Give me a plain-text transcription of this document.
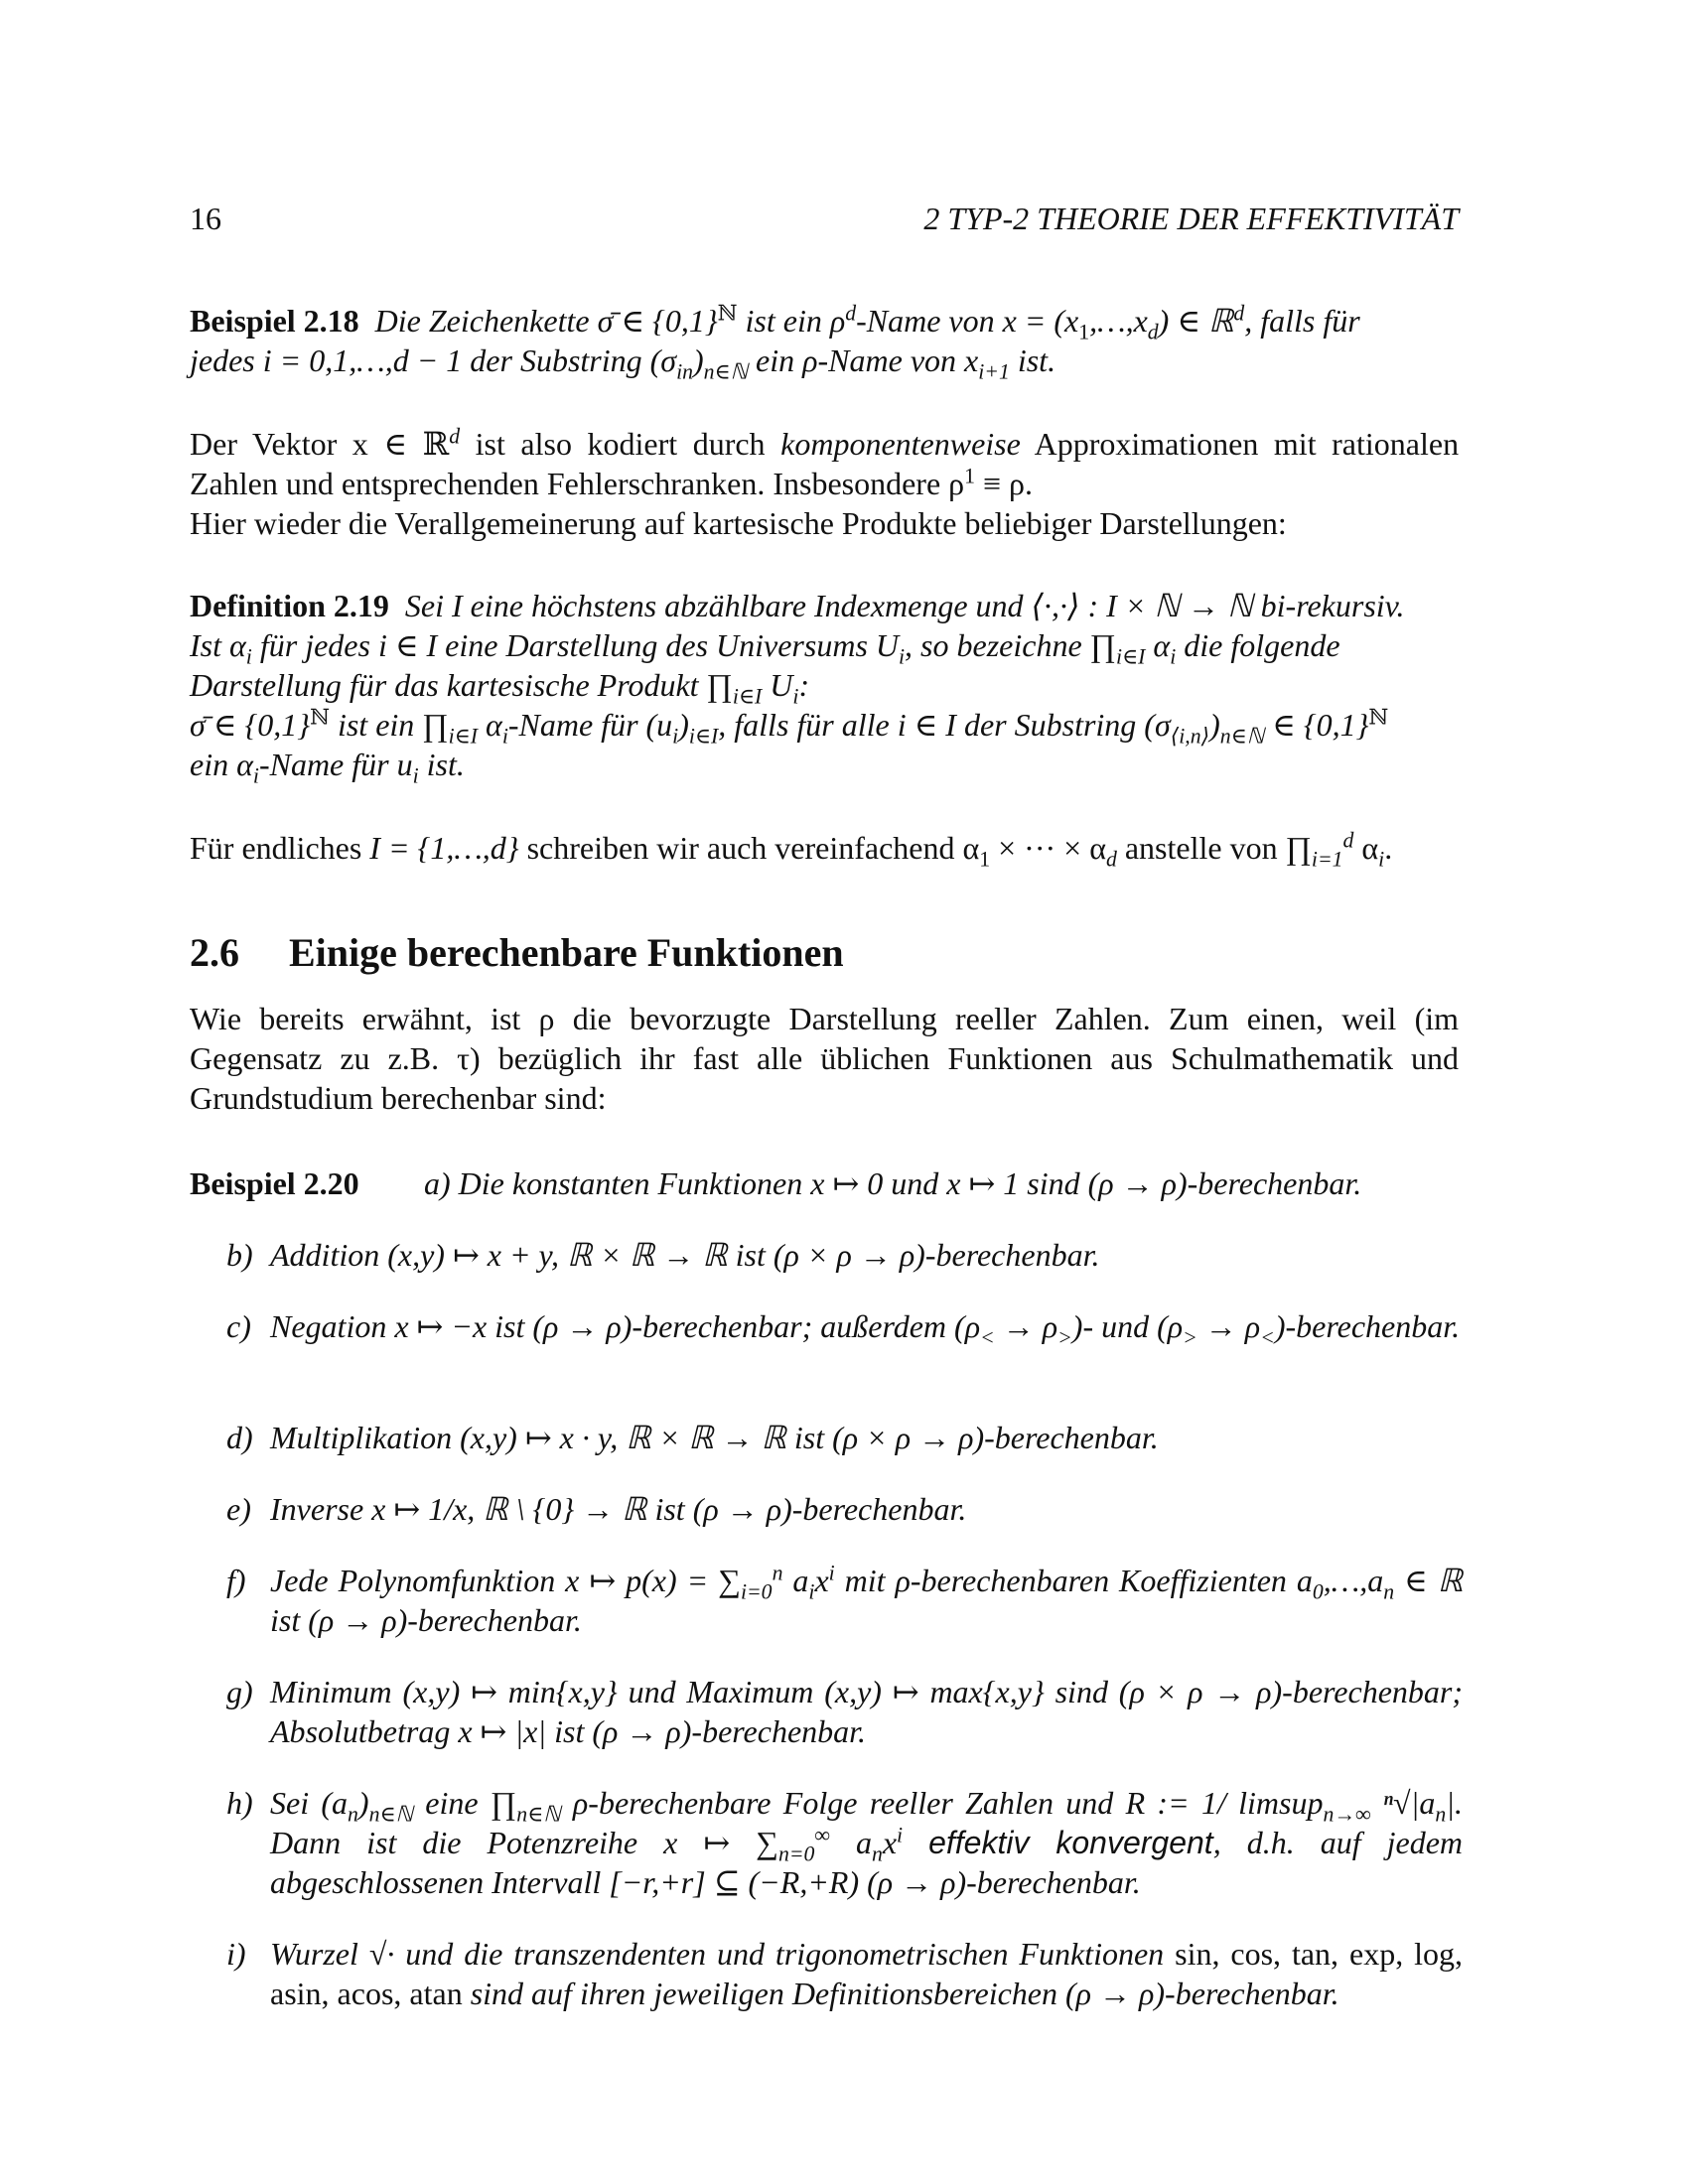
16	2 TYP-2 THEORIE DER EFFEKTIVITÄT
Beispiel 2.18 Die Zeichenkette σ̄ ∈ $\{0,1\}^ℕ$ ist ein $\rho^d$-Name von $x = (x_1,\dots,x_d)$ ∈ ℝ$^d$, falls für
jedes i = 0,1,…,d − 1 der Substring $(\sigma_{in})_{n\in ℕ}$ ein ρ-Name von $x_{i+1}$ ist.
Der Vektor x ∈ ℝ$^d$ ist also kodiert durch komponentenweise Approximationen mit rationalen Zahlen und entsprechenden Fehlerschranken. Insbesondere $\rho^1 \equiv \rho$.
Hier wieder die Verallgemeinerung auf kartesische Produkte beliebiger Darstellungen:
Definition 2.19 Sei I eine höchstens abzählbare Indexmenge und ⟨·,·⟩ : I × ℕ → ℕ bi-rekursiv.
Ist $\alpha_i$ für jedes i ∈ I eine Darstellung des Universums $U_i$, so bezeichne $\prod_{i\in I}$ $\alpha_i$ die folgende
Darstellung für das kartesische Produkt $\prod_{i\in I}$ $U_i$:
σ̄ ∈ $\{0,1\}^ℕ$ ist ein $\prod_{i\in I}$ $\alpha_i$-Name für $(u_i)_{i\in I}$, falls für alle i ∈ I der Substring $(\sigma_{⟨i,n⟩})_{n\in ℕ}$ ∈ $\{0,1\}^ℕ$
ein $\alpha_i$-Name für $u_i$ ist.
Für endliches I = {1,…,d} schreiben wir auch vereinfachend $\alpha_1$ × ··· × $\alpha_d$ anstelle von $\prod_{i=1}^d$ $\alpha_i$.
2.6 Einige berechenbare Funktionen
Wie bereits erwähnt, ist ρ die bevorzugte Darstellung reeller Zahlen. Zum einen, weil (im Gegensatz zu z.B. τ) bezüglich ihr fast alle üblichen Funktionen aus Schulmathematik und Grundstudium berechenbar sind:
Beispiel 2.20 a) Die konstanten Funktionen x ↦ 0 und x ↦ 1 sind (ρ → ρ)-berechenbar.
b) Addition (x,y) ↦ x + y, ℝ × ℝ → ℝ ist (ρ × ρ → ρ)-berechenbar.
c) Negation x ↦ −x ist (ρ → ρ)-berechenbar; außerdem $(\rho_< \to \rho_>)-$ und ($\rho_>$ → $\rho_<$)-berechenbar.
d) Multiplikation (x,y) ↦ x · y, ℝ × ℝ → ℝ ist (ρ × ρ → ρ)-berechenbar.
e) Inverse x ↦ 1/x, ℝ \ {0} → ℝ ist (ρ → ρ)-berechenbar.
f) Jede Polynomfunktion x ↦ $p(x) = \sum_{i=0}^n$ $a_ix^i$ mit ρ-berechenbaren Koeffizienten $a_0,\dots,a_n$ ∈ ℝ ist (ρ → ρ)-berechenbar.
g) Minimum (x,y) ↦ min{x,y} und Maximum (x,y) ↦ max{x,y} sind (ρ × ρ → ρ)-berechenbar; Absolutbetrag x ↦ |x| ist (ρ → ρ)-berechenbar.
h) Sei $(a_n)_{n\in ℕ}$ eine $\prod_{n\in ℕ}$ ρ-berechenbare Folge reeller Zahlen und R := 1/ limsup$_{n\to\infty}$ $^n√|a_n|$. Dann ist die Potenzreihe x ↦ $\sum_{n=0}^\infty$ $a_nx^i$ effektiv konvergent, d.h. auf jedem abgeschlossenen Intervall [−r,+r] ⊆ (−R,+R) (ρ → ρ)-berechenbar.
i) Wurzel √· und die transzendenten und trigonometrischen Funktionen sin, cos, tan, exp, log, asin, acos, atan sind auf ihren jeweiligen Definitionsbereichen (ρ → ρ)-berechenbar.
